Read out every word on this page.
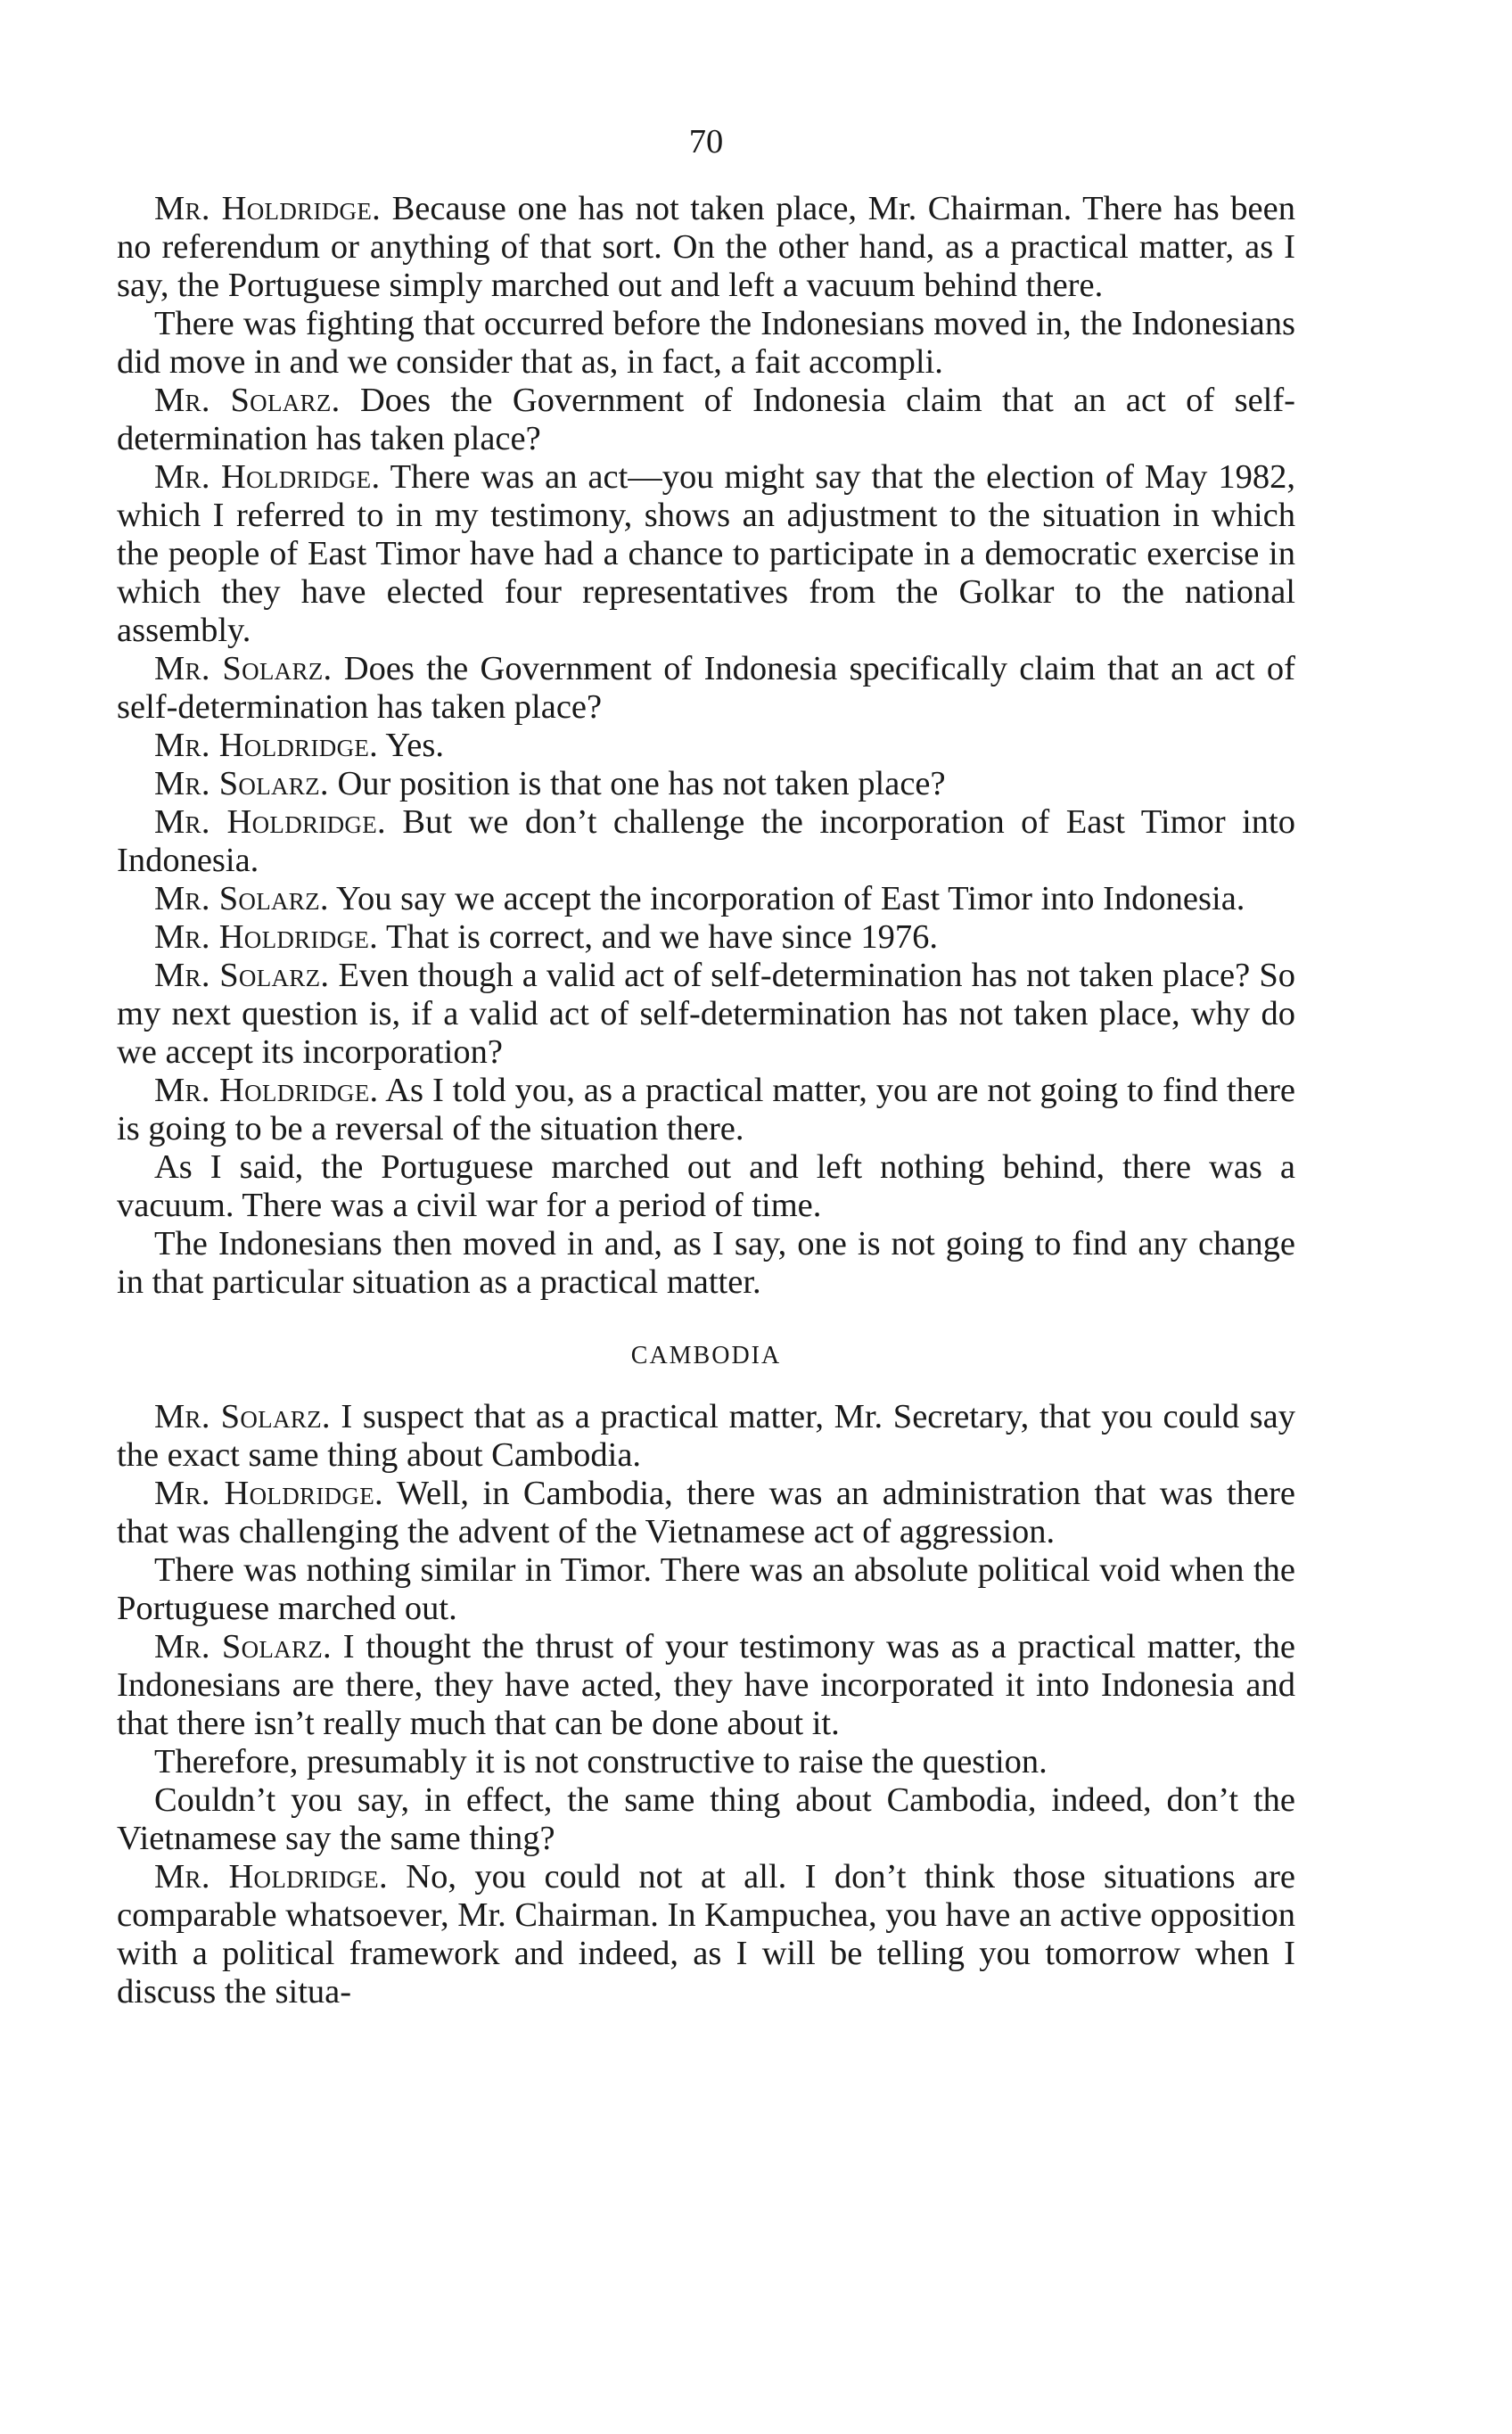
70

Mr. Holdridge. Because one has not taken place, Mr. Chairman. There has been no referendum or anything of that sort. On the other hand, as a practical matter, as I say, the Portuguese simply marched out and left a vacuum behind there.

There was fighting that occurred before the Indonesians moved in, the Indonesians did move in and we consider that as, in fact, a fait accompli.

Mr. Solarz. Does the Government of Indonesia claim that an act of self-determination has taken place?

Mr. Holdridge. There was an act—you might say that the election of May 1982, which I referred to in my testimony, shows an adjustment to the situation in which the people of East Timor have had a chance to participate in a democratic exercise in which they have elected four representatives from the Golkar to the national assembly.

Mr. Solarz. Does the Government of Indonesia specifically claim that an act of self-determination has taken place?

Mr. Holdridge. Yes.

Mr. Solarz. Our position is that one has not taken place?

Mr. Holdridge. But we don’t challenge the incorporation of East Timor into Indonesia.

Mr. Solarz. You say we accept the incorporation of East Timor into Indonesia.

Mr. Holdridge. That is correct, and we have since 1976.

Mr. Solarz. Even though a valid act of self-determination has not taken place? So my next question is, if a valid act of self-determination has not taken place, why do we accept its incorporation?

Mr. Holdridge. As I told you, as a practical matter, you are not going to find there is going to be a reversal of the situation there.

As I said, the Portuguese marched out and left nothing behind, there was a vacuum. There was a civil war for a period of time.

The Indonesians then moved in and, as I say, one is not going to find any change in that particular situation as a practical matter.

CAMBODIA

Mr. Solarz. I suspect that as a practical matter, Mr. Secretary, that you could say the exact same thing about Cambodia.

Mr. Holdridge. Well, in Cambodia, there was an administration that was there that was challenging the advent of the Vietnamese act of aggression.

There was nothing similar in Timor. There was an absolute political void when the Portuguese marched out.

Mr. Solarz. I thought the thrust of your testimony was as a practical matter, the Indonesians are there, they have acted, they have incorporated it into Indonesia and that there isn’t really much that can be done about it.

Therefore, presumably it is not constructive to raise the question.

Couldn’t you say, in effect, the same thing about Cambodia, indeed, don’t the Vietnamese say the same thing?

Mr. Holdridge. No, you could not at all. I don’t think those situations are comparable whatsoever, Mr. Chairman. In Kampuchea, you have an active opposition with a political framework and indeed, as I will be telling you tomorrow when I discuss the situa-
